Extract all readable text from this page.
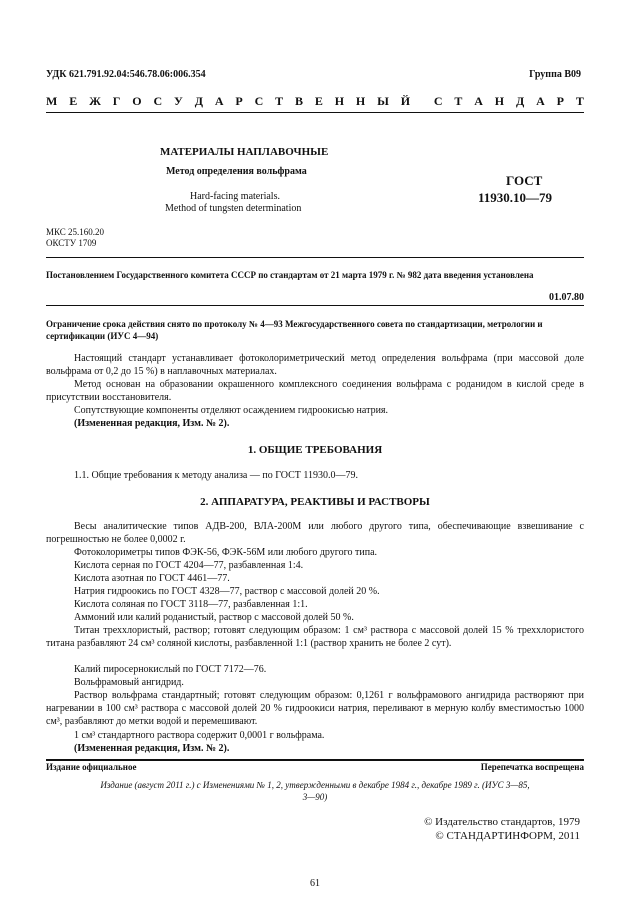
УДК 621.791.92.04:546.78.06:006.354	Группа В09
М Е Ж Г О С У Д А Р С Т В Е Н Н Ы Й С Т А Н Д А Р Т
МАТЕРИАЛЫ НАПЛАВОЧНЫЕ
Метод определения вольфрама
Hard-facing materials.
Method of tungsten determination
ГОСТ
11930.10—79
МКС 25.160.20
ОКСТУ 1709
Постановлением Государственного комитета СССР по стандартам от 21 марта 1979 г. № 982 дата введения установлена
01.07.80
Ограничение срока действия снято по протоколу № 4—93 Межгосударственного совета по стандартизации, метрологии и сертификации (ИУС 4—94)
Настоящий стандарт устанавливает фотоколориметрический метод определения вольфрама (при массовой доле вольфрама от 0,2 до 15 %) в наплавочных материалах.
Метод основан на образовании окрашенного комплексного соединения вольфрама с роданидом в кислой среде в присутствии восстановителя.
Сопутствующие компоненты отделяют осаждением гидроокисью натрия.
(Измененная редакция, Изм. № 2).
1. ОБЩИЕ ТРЕБОВАНИЯ
1.1. Общие требования к методу анализа — по ГОСТ 11930.0—79.
2. АППАРАТУРА, РЕАКТИВЫ И РАСТВОРЫ
Весы аналитические типов АДВ-200, ВЛА-200М или любого другого типа, обеспечивающие взвешивание с погрешностью не более 0,0002 г.
Фотоколориметры типов ФЭК-56, ФЭК-56М или любого другого типа.
Кислота серная по ГОСТ 4204—77, разбавленная 1:4.
Кислота азотная по ГОСТ 4461—77.
Натрия гидроокись по ГОСТ 4328—77, раствор с массовой долей 20 %.
Кислота соляная по ГОСТ 3118—77, разбавленная 1:1.
Аммоний или калий роданистый, раствор с массовой долей 50 %.
Титан треххлористый, раствор; готовят следующим образом: 1 см³ раствора с массовой долей 15 % треххлористого титана разбавляют 24 см³ соляной кислоты, разбавленной 1:1 (раствор хранить не более 2 сут).
Калий пиросернокислый по ГОСТ 7172—76.
Вольфрамовый ангидрид.
Раствор вольфрама стандартный; готовят следующим образом: 0,1261 г вольфрамового ангидрида растворяют при нагревании в 100 см³ раствора с массовой долей 20 % гидроокиси натрия, переливают в мерную колбу вместимостью 1000 см³, разбавляют до метки водой и перемешивают.
1 см³ стандартного раствора содержит 0,0001 г вольфрама.
(Измененная редакция, Изм. № 2).
Издание официальное	Перепечатка воспрещена
Издание (август 2011 г.) с Изменениями № 1, 2, утвержденными в декабре 1984 г., декабре 1989 г. (ИУС 3—85, 3—90)
© Издательство стандартов, 1979
© СТАНДАРТИНФОРМ, 2011
61
